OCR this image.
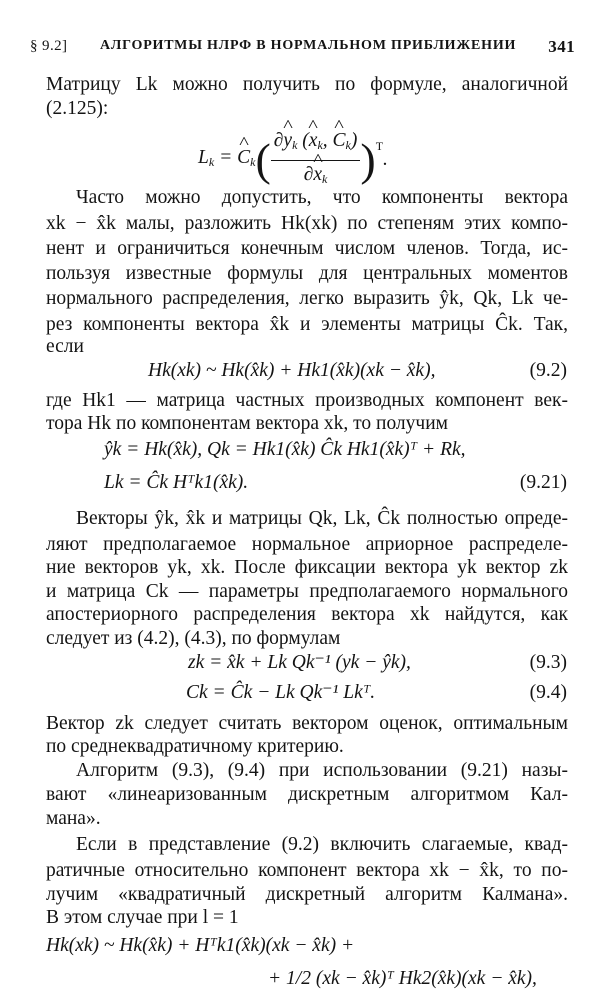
§ 9.2] АЛГОРИТМЫ НЛРФ В НОРМАЛЬНОМ ПРИБЛИЖЕНИИ 341
Матрицу Lk можно получить по формуле, аналогичной
(2.125):
$L_k$ = ^ $C_k$ ( $\frac{\partial\^{} y_k (\^{} x_k, \^{} C_k)}{\partial\^{} x_k} )^T$
.
Часто можно допустить, что компоненты вектора
xk − x̂k малы, разложить Hk(xk) по степеням этих компо-
нент и ограничиться конечным числом членов. Тогда, ис-
пользуя известные формулы для центральных моментов
нормального распределения, легко выразить ŷk, Qk, Lk че-
рез компоненты вектора x̂k и элементы матрицы Ĉk. Так,
если
Hk(xk) ~ Hk(x̂k) + Hk1(x̂k)(xk − x̂k),	(9.2)
где Hk1 — матрица частных производных компонент век-
тора Hk по компонентам вектора xk, то получим
ŷk = Hk(x̂k), Qk = Hk1(x̂k) Ĉk Hk1(x̂k)ᵀ + Rk,
Lk = Ĉk Hᵀk1(x̂k).	(9.21)
Векторы ŷk, x̂k и матрицы Qk, Lk, Ĉk полностью опреде-
ляют предполагаемое нормальное априорное распределе-
ние векторов yk, xk. После фиксации вектора yk вектор zk
и матрица Ck — параметры предполагаемого нормального
апостериорного распределения вектора xk найдутся, как
следует из (4.2), (4.3), по формулам
zk = x̂k + Lk Qk⁻¹ (yk − ŷk),	(9.3)
Ck = Ĉk − Lk Qk⁻¹ Lkᵀ.	(9.4)
Вектор zk следует считать вектором оценок, оптимальным
по среднеквадратичному критерию.
Алгоритм (9.3), (9.4) при использовании (9.21) назы-
вают «линеаризованным дискретным алгоритмом Кал-
мана».
Если в представление (9.2) включить слагаемые, квад-
ратичные относительно компонент вектора xk − x̂k, то по-
лучим «квадратичный дискретный алгоритм Калмана».
В этом случае при l = 1
Hk(xk) ~ Hk(x̂k) + Hᵀk1(x̂k)(xk − x̂k) +
+ 1/2 (xk − x̂k)ᵀ Hk2(x̂k)(xk − x̂k),
